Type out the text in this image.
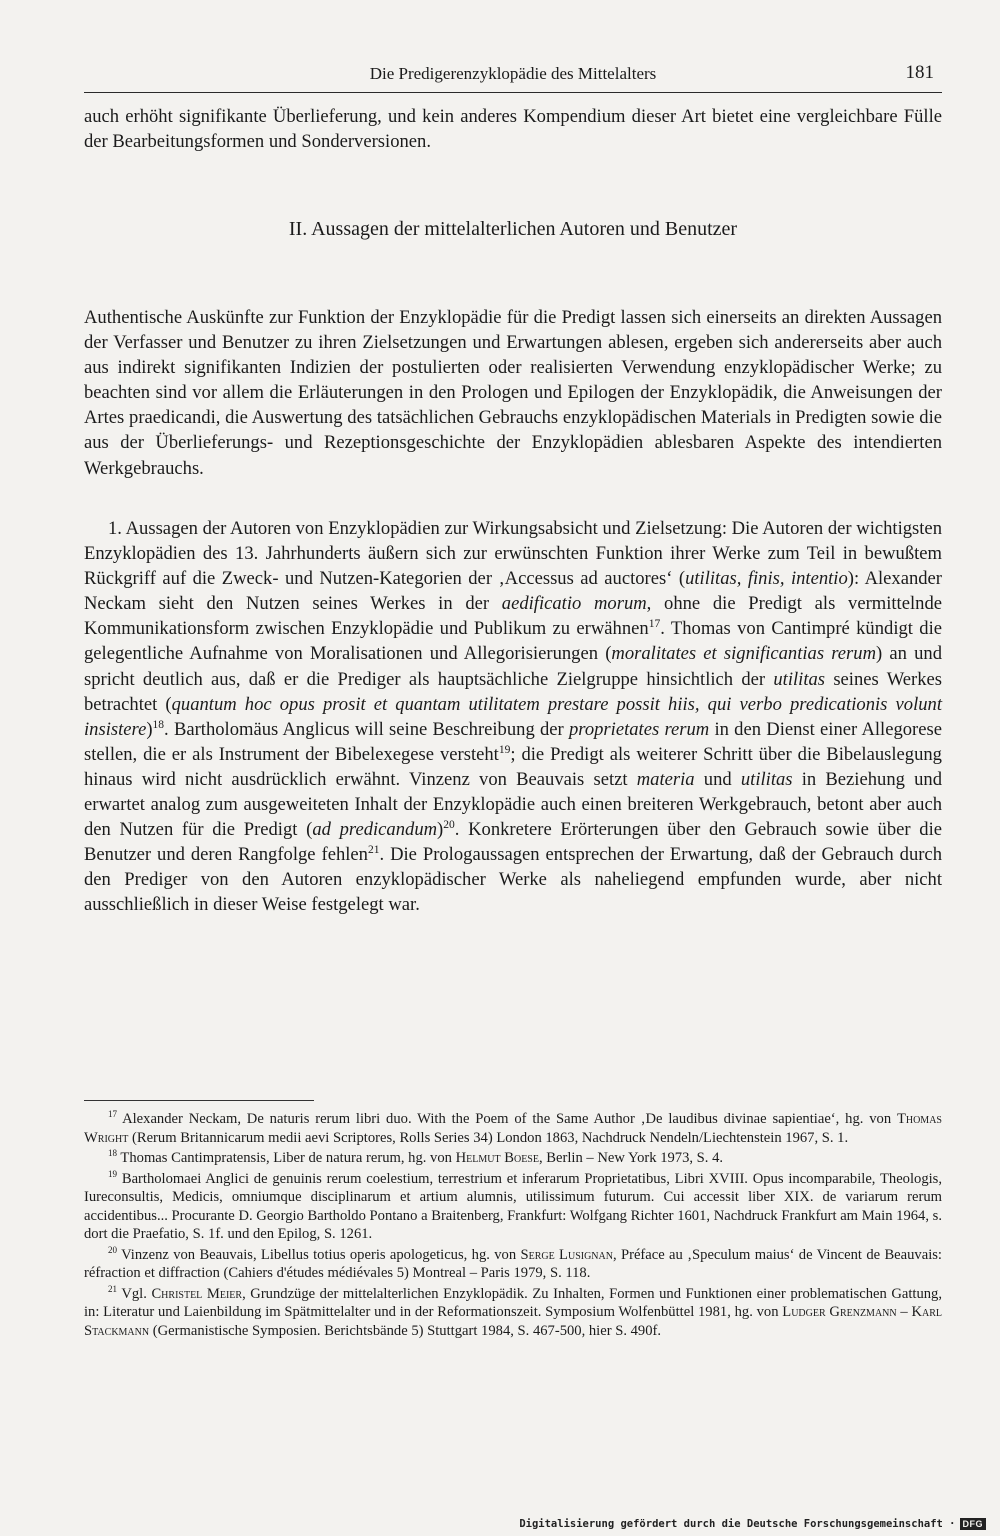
Die Predigerenzyklopädie des Mittelalters	181

auch erhöht signifikante Überlieferung, und kein anderes Kompendium dieser Art bietet eine vergleichbare Fülle der Bearbeitungsformen und Sonderversionen.

II. Aussagen der mittelalterlichen Autoren und Benutzer

Authentische Auskünfte zur Funktion der Enzyklopädie für die Predigt lassen sich einerseits an direkten Aussagen der Verfasser und Benutzer zu ihren Zielsetzungen und Erwartungen ablesen, ergeben sich andererseits aber auch aus indirekt signifikanten Indizien der postulierten oder realisierten Verwendung enzyklopädischer Werke; zu beachten sind vor allem die Erläuterungen in den Prologen und Epilogen der Enzyklopädik, die Anweisungen der Artes praedicandi, die Auswertung des tatsächlichen Gebrauchs enzyklopädischen Materials in Predigten sowie die aus der Überlieferungs- und Rezeptionsgeschichte der Enzyklopädien ablesbaren Aspekte des intendierten Werkgebrauchs.

1. Aussagen der Autoren von Enzyklopädien zur Wirkungsabsicht und Zielsetzung: Die Autoren der wichtigsten Enzyklopädien des 13. Jahrhunderts äußern sich zur erwünschten Funktion ihrer Werke zum Teil in bewußtem Rückgriff auf die Zweck- und Nutzen-Kategorien der ‚Accessus ad auctores‘ (utilitas, finis, intentio): Alexander Neckam sieht den Nutzen seines Werkes in der aedificatio morum, ohne die Predigt als vermittelnde Kommunikationsform zwischen Enzyklopädie und Publikum zu erwähnen$^{17}$. Thomas von Cantimpré kündigt die gelegentliche Aufnahme von Moralisationen und Allegorisierungen (moralitates et significantias rerum) an und spricht deutlich aus, daß er die Prediger als hauptsächliche Zielgruppe hinsichtlich der utilitas seines Werkes betrachtet (quantum hoc opus prosit et quantam utilitatem prestare possit hiis, qui verbo predicationis volunt insistere)$^{18}$. Bartholomäus Anglicus will seine Beschreibung der proprietates rerum in den Dienst einer Allegorese stellen, die er als Instrument der Bibelexegese versteht$^{19}$; die Predigt als weiterer Schritt über die Bibelauslegung hinaus wird nicht ausdrücklich erwähnt. Vinzenz von Beauvais setzt materia und utilitas in Beziehung und erwartet analog zum ausgeweiteten Inhalt der Enzyklopädie auch einen breiteren Werkgebrauch, betont aber auch den Nutzen für die Predigt (ad predicandum)$^{20}$. Konkretere Erörterungen über den Gebrauch sowie über die Benutzer und deren Rangfolge fehlen$^{21}$. Die Prologaussagen entsprechen der Erwartung, daß der Gebrauch durch den Prediger von den Autoren enzyklopädischer Werke als naheliegend empfunden wurde, aber nicht ausschließlich in dieser Weise festgelegt war.

$^{17}$ Alexander Neckam, De naturis rerum libri duo. With the Poem of the Same Author ‚De laudibus divinae sapientiae‘, hg. von Thomas Wright (Rerum Britannicarum medii aevi Scriptores, Rolls Series 34) London 1863, Nachdruck Nendeln/Liechtenstein 1967, S. 1.

$^{18}$ Thomas Cantimpratensis, Liber de natura rerum, hg. von Helmut Boese, Berlin – New York 1973, S. 4.

$^{19}$ Bartholomaei Anglici de genuinis rerum coelestium, terrestrium et inferarum Proprietatibus, Libri XVIII. Opus incomparabile, Theologis, Iureconsultis, Medicis, omniumque disciplinarum et artium alumnis, utilissimum futurum. Cui accessit liber XIX. de variarum rerum accidentibus... Procurante D. Georgio Bartholdo Pontano a Braitenberg, Frankfurt: Wolfgang Richter 1601, Nachdruck Frankfurt am Main 1964, s. dort die Praefatio, S. 1f. und den Epilog, S. 1261.

$^{20}$ Vinzenz von Beauvais, Libellus totius operis apologeticus, hg. von Serge Lusignan, Préface au ‚Speculum maius‘ de Vincent de Beauvais: réfraction et diffraction (Cahiers d'études médiévales 5) Montreal – Paris 1979, S. 118.

$^{21}$ Vgl. Christel Meier, Grundzüge der mittelalterlichen Enzyklopädik. Zu Inhalten, Formen und Funktionen einer problematischen Gattung, in: Literatur und Laienbildung im Spätmittelalter und in der Reformationszeit. Symposium Wolfenbüttel 1981, hg. von Ludger Grenzmann – Karl Stackmann (Germanistische Symposien. Berichtsbände 5) Stuttgart 1984, S. 467-500, hier S. 490f.

Digitalisierung gefördert durch die Deutsche Forschungsgemeinschaft · DFG
